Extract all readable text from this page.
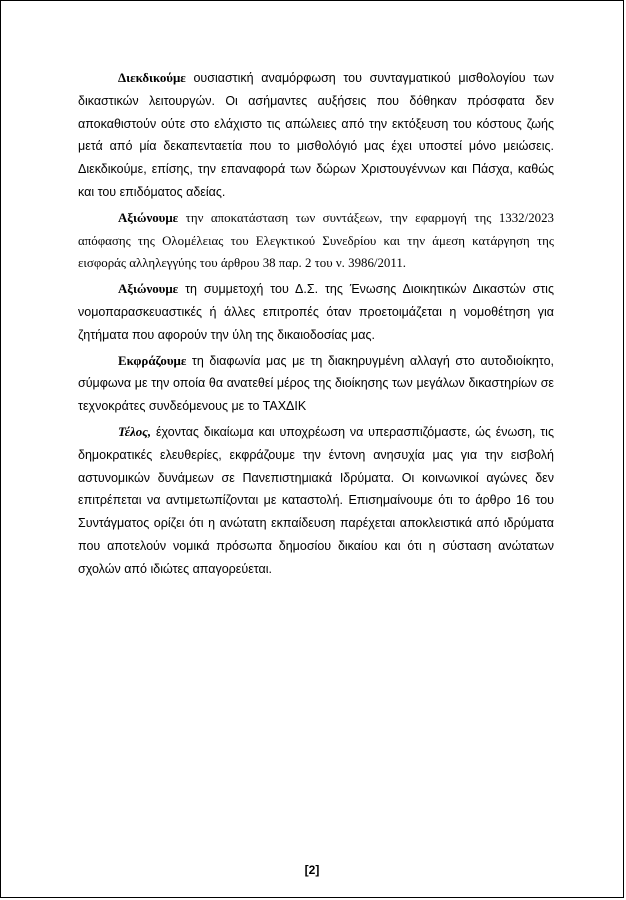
Διεκδικούμε ουσιαστική αναμόρφωση του συνταγματικού μισθολογίου των δικαστικών λειτουργών. Οι ασήμαντες αυξήσεις που δόθηκαν πρόσφατα δεν αποκαθιστούν ούτε στο ελάχιστο τις απώλειες από την εκτόξευση του κόστους ζωής μετά από μία δεκαπενταετία που το μισθολόγιό μας έχει υποστεί μόνο μειώσεις. Διεκδικούμε, επίσης, την επαναφορά των δώρων Χριστουγέννων και Πάσχα, καθώς και του επιδόματος αδείας.

Αξιώνουμε την αποκατάσταση των συντάξεων, την εφαρμογή της 1332/2023 απόφασης της Ολομέλειας του Ελεγκτικού Συνεδρίου και την άμεση κατάργηση της εισφοράς αλληλεγγύης του άρθρου 38 παρ. 2 του ν. 3986/2011.

Αξιώνουμε τη συμμετοχή του Δ.Σ. της Ένωσης Διοικητικών Δικαστών στις νομοπαρασκευαστικές ή άλλες επιτροπές όταν προετοιμάζεται η νομοθέτηση για ζητήματα που αφορούν την ύλη της δικαιοδοσίας μας.

Εκφράζουμε τη διαφωνία μας με τη διακηρυγμένη αλλαγή στο αυτοδιοίκητο, σύμφωνα με την οποία θα ανατεθεί μέρος της διοίκησης των μεγάλων δικαστηρίων σε τεχνοκράτες συνδεόμενους με το ΤΑΧΔΙΚ

Τέλος, έχοντας δικαίωμα και υποχρέωση να υπερασπιζόμαστε, ώς ένωση, τις δημοκρατικές ελευθερίες, εκφράζουμε την έντονη ανησυχία μας για την εισβολή αστυνομικών δυνάμεων σε Πανεπιστημιακά Ιδρύματα. Οι κοινωνικοί αγώνες δεν επιτρέπεται να αντιμετωπίζονται με καταστολή. Επισημαίνουμε ότι το άρθρο 16 του Συντάγματος ορίζει ότι η ανώτατη εκπαίδευση παρέχεται αποκλειστικά από ιδρύματα που αποτελούν νομικά πρόσωπα δημοσίου δικαίου και ότι η σύσταση ανώτατων σχολών από ιδιώτες απαγορεύεται.

[2]
